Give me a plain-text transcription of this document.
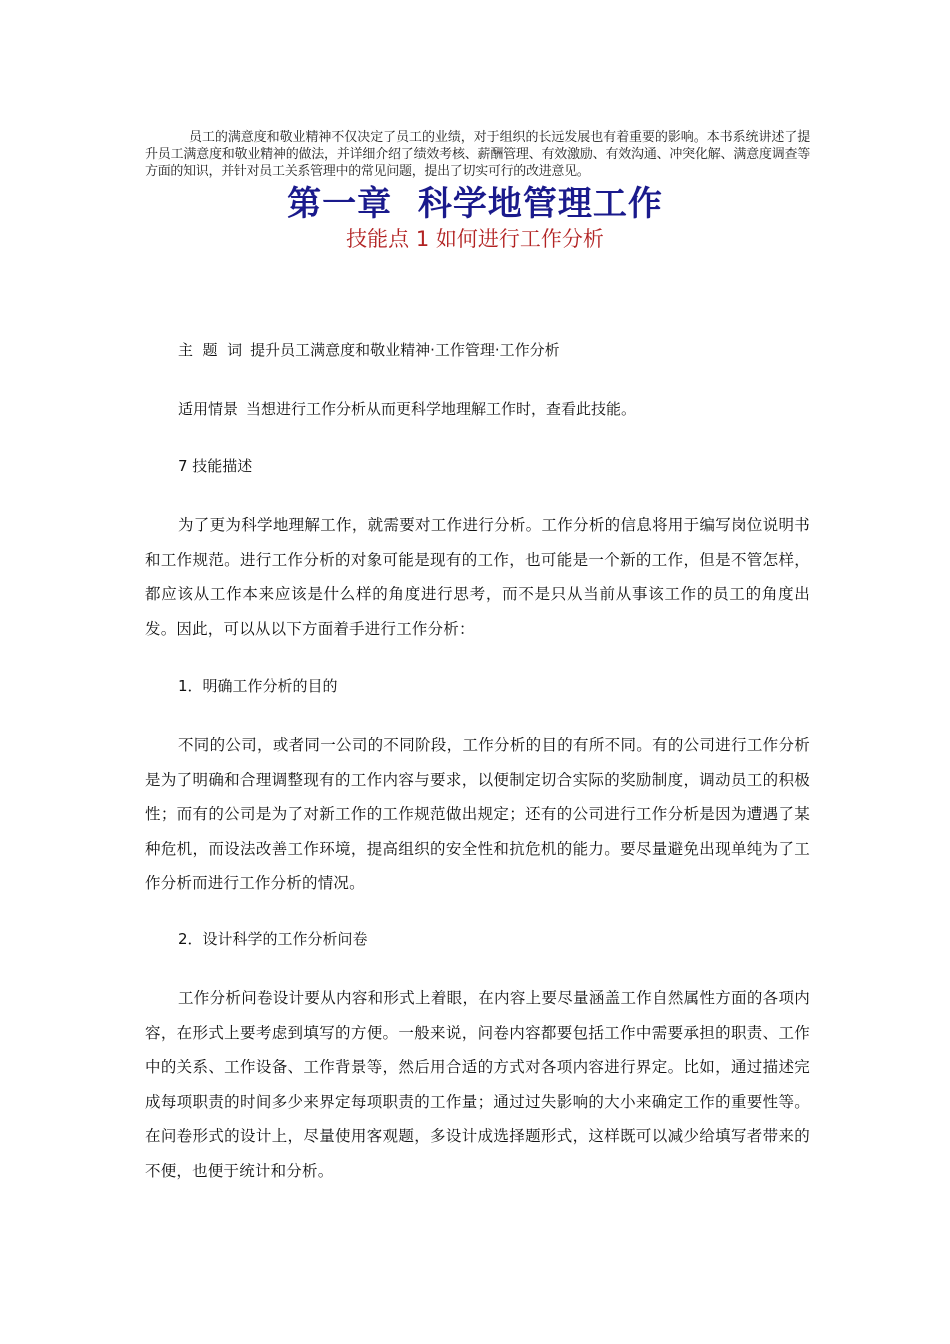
员工的满意度和敬业精神不仅决定了员工的业绩，对于组织的长远发展也有着重要的影响。本书系统讲述了提升员工满意度和敬业精神的做法，并详细介绍了绩效考核、薪酬管理、有效激励、有效沟通、冲突化解、满意度调查等方面的知识，并针对员工关系管理中的常见问题，提出了切实可行的改进意见。
第一章  科学地管理工作
技能点 1 如何进行工作分析
主  题  词 提升员工满意度和敬业精神·工作管理·工作分析
适用情景 当想进行工作分析从而更科学地理解工作时，查看此技能。
7 技能描述
为了更为科学地理解工作，就需要对工作进行分析。工作分析的信息将用于编写岗位说明书和工作规范。进行工作分析的对象可能是现有的工作，也可能是一个新的工作，但是不管怎样，都应该从工作本来应该是什么样的角度进行思考，而不是只从当前从事该工作的员工的角度出发。因此，可以从以下方面着手进行工作分析：
1．明确工作分析的目的
不同的公司，或者同一公司的不同阶段，工作分析的目的有所不同。有的公司进行工作分析是为了明确和合理调整现有的工作内容与要求，以便制定切合实际的奖励制度，调动员工的积极性；而有的公司是为了对新工作的工作规范做出规定；还有的公司进行工作分析是因为遭遇了某种危机，而设法改善工作环境，提高组织的安全性和抗危机的能力。要尽量避免出现单纯为了工作分析而进行工作分析的情况。
2．设计科学的工作分析问卷
工作分析问卷设计要从内容和形式上着眼，在内容上要尽量涵盖工作自然属性方面的各项内容，在形式上要考虑到填写的方便。一般来说，问卷内容都要包括工作中需要承担的职责、工作中的关系、工作设备、工作背景等，然后用合适的方式对各项内容进行界定。比如，通过描述完成每项职责的时间多少来界定每项职责的工作量；通过过失影响的大小来确定工作的重要性等。在问卷形式的设计上，尽量使用客观题，多设计成选择题形式，这样既可以减少给填写者带来的不便，也便于统计和分析。
